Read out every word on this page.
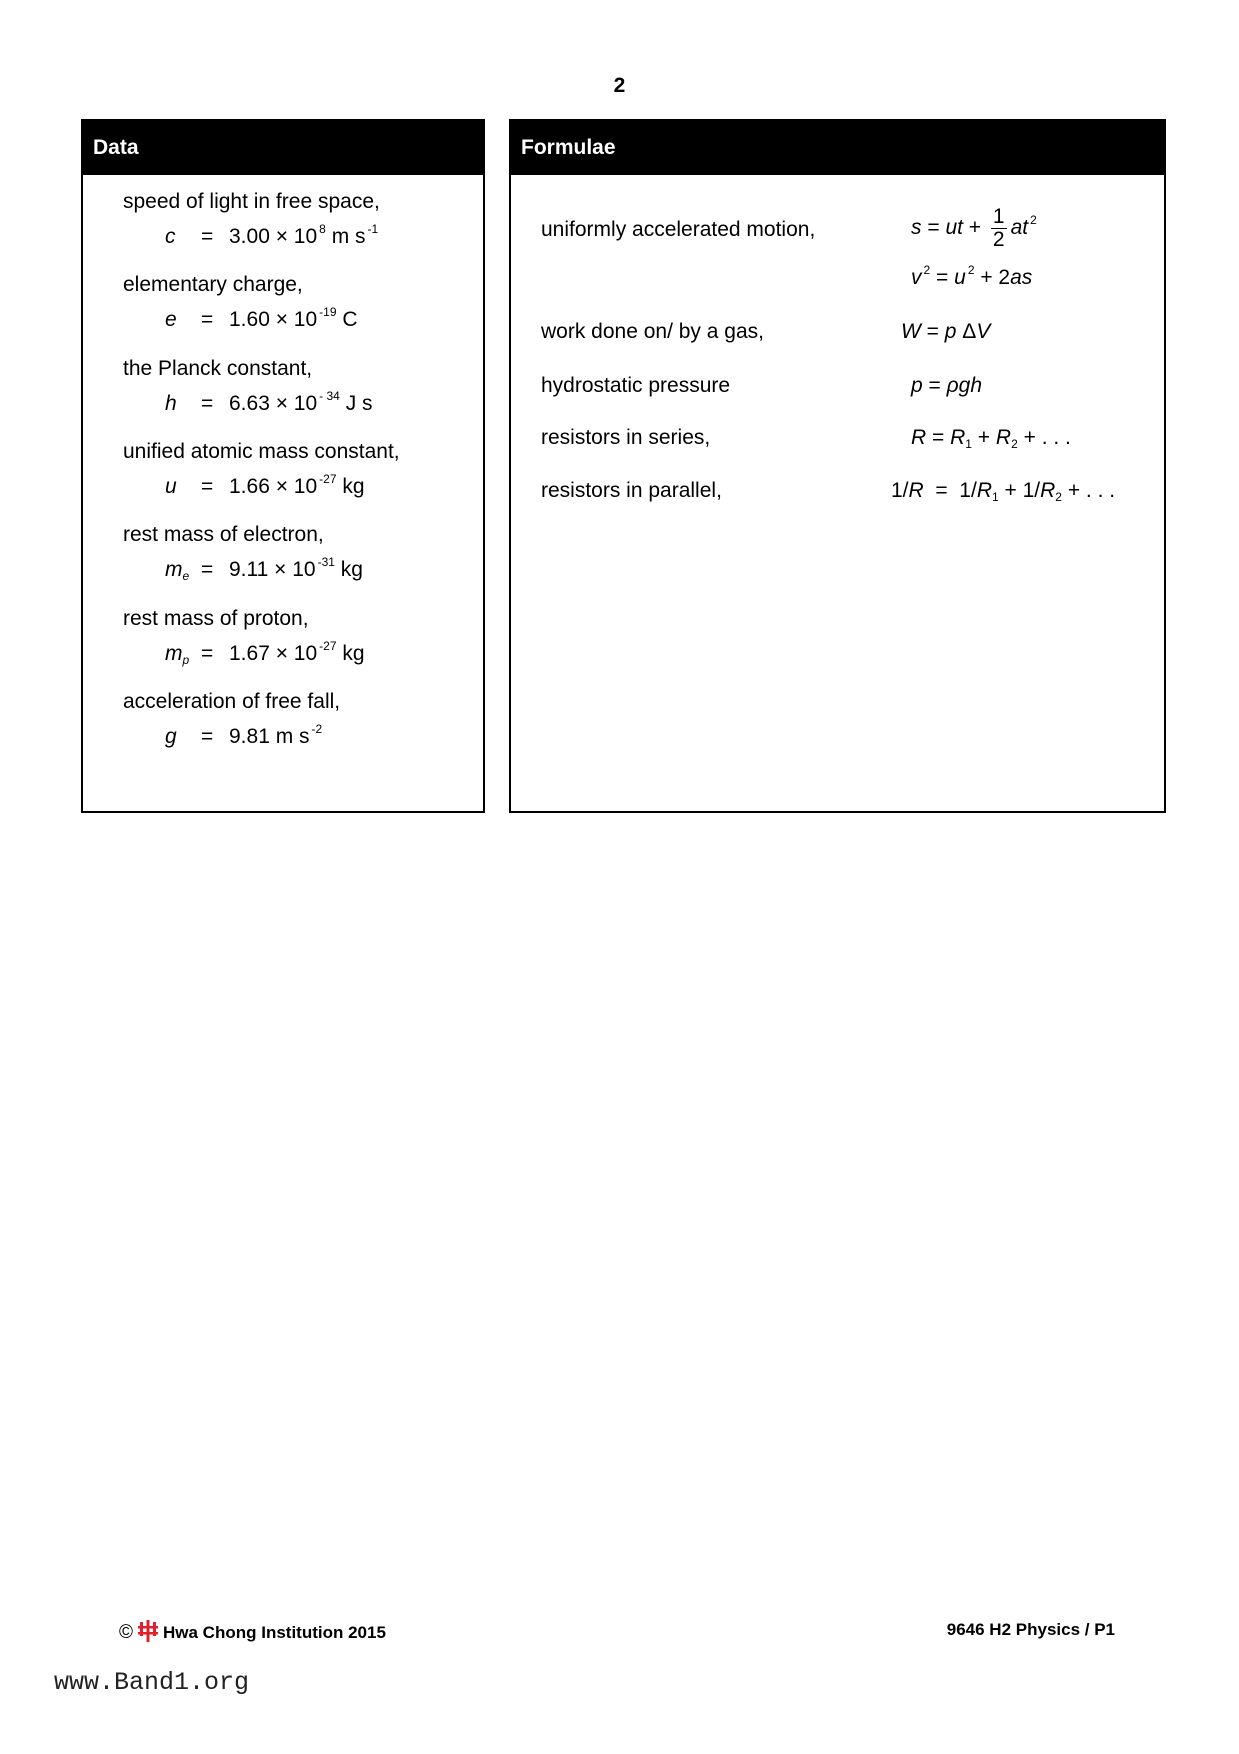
2
Data
speed of light in free space,
c = 3.00 × 10 $^8$ m s $^{-1}$
elementary charge,
e = 1.60 × 10 $^{-19}$ C
the Planck constant,
h = 6.63 × 10 $^{- 34}$ J s
unified atomic mass constant,
u = 1.66 × 10 $^{-27}$ kg
rest mass of electron,
$m_e = 9.11 \times 10$ $^{-31}$ kg
rest mass of proton,
$m_p = 1.67 \times 10$ $^{-27}$ kg
acceleration of free fall,
g = 9.81 m s $^{-2}$
Formulae
uniformly accelerated motion,	s = ut + $\frac{1}{2}$ at $^2$
v $^2$ = u $^2$ + 2as
work done on/ by a gas,	W = p ΔV
hydrostatic pressure	p = ρgh
resistors in series,	$R = R_1 + R_2$ + . . .
resistors in parallel,	$1/R = 1/R_1 + 1/R_2$ + . . .
© Hwa Chong Institution 2015	9646 H2 Physics / P1
www.Band1.org
